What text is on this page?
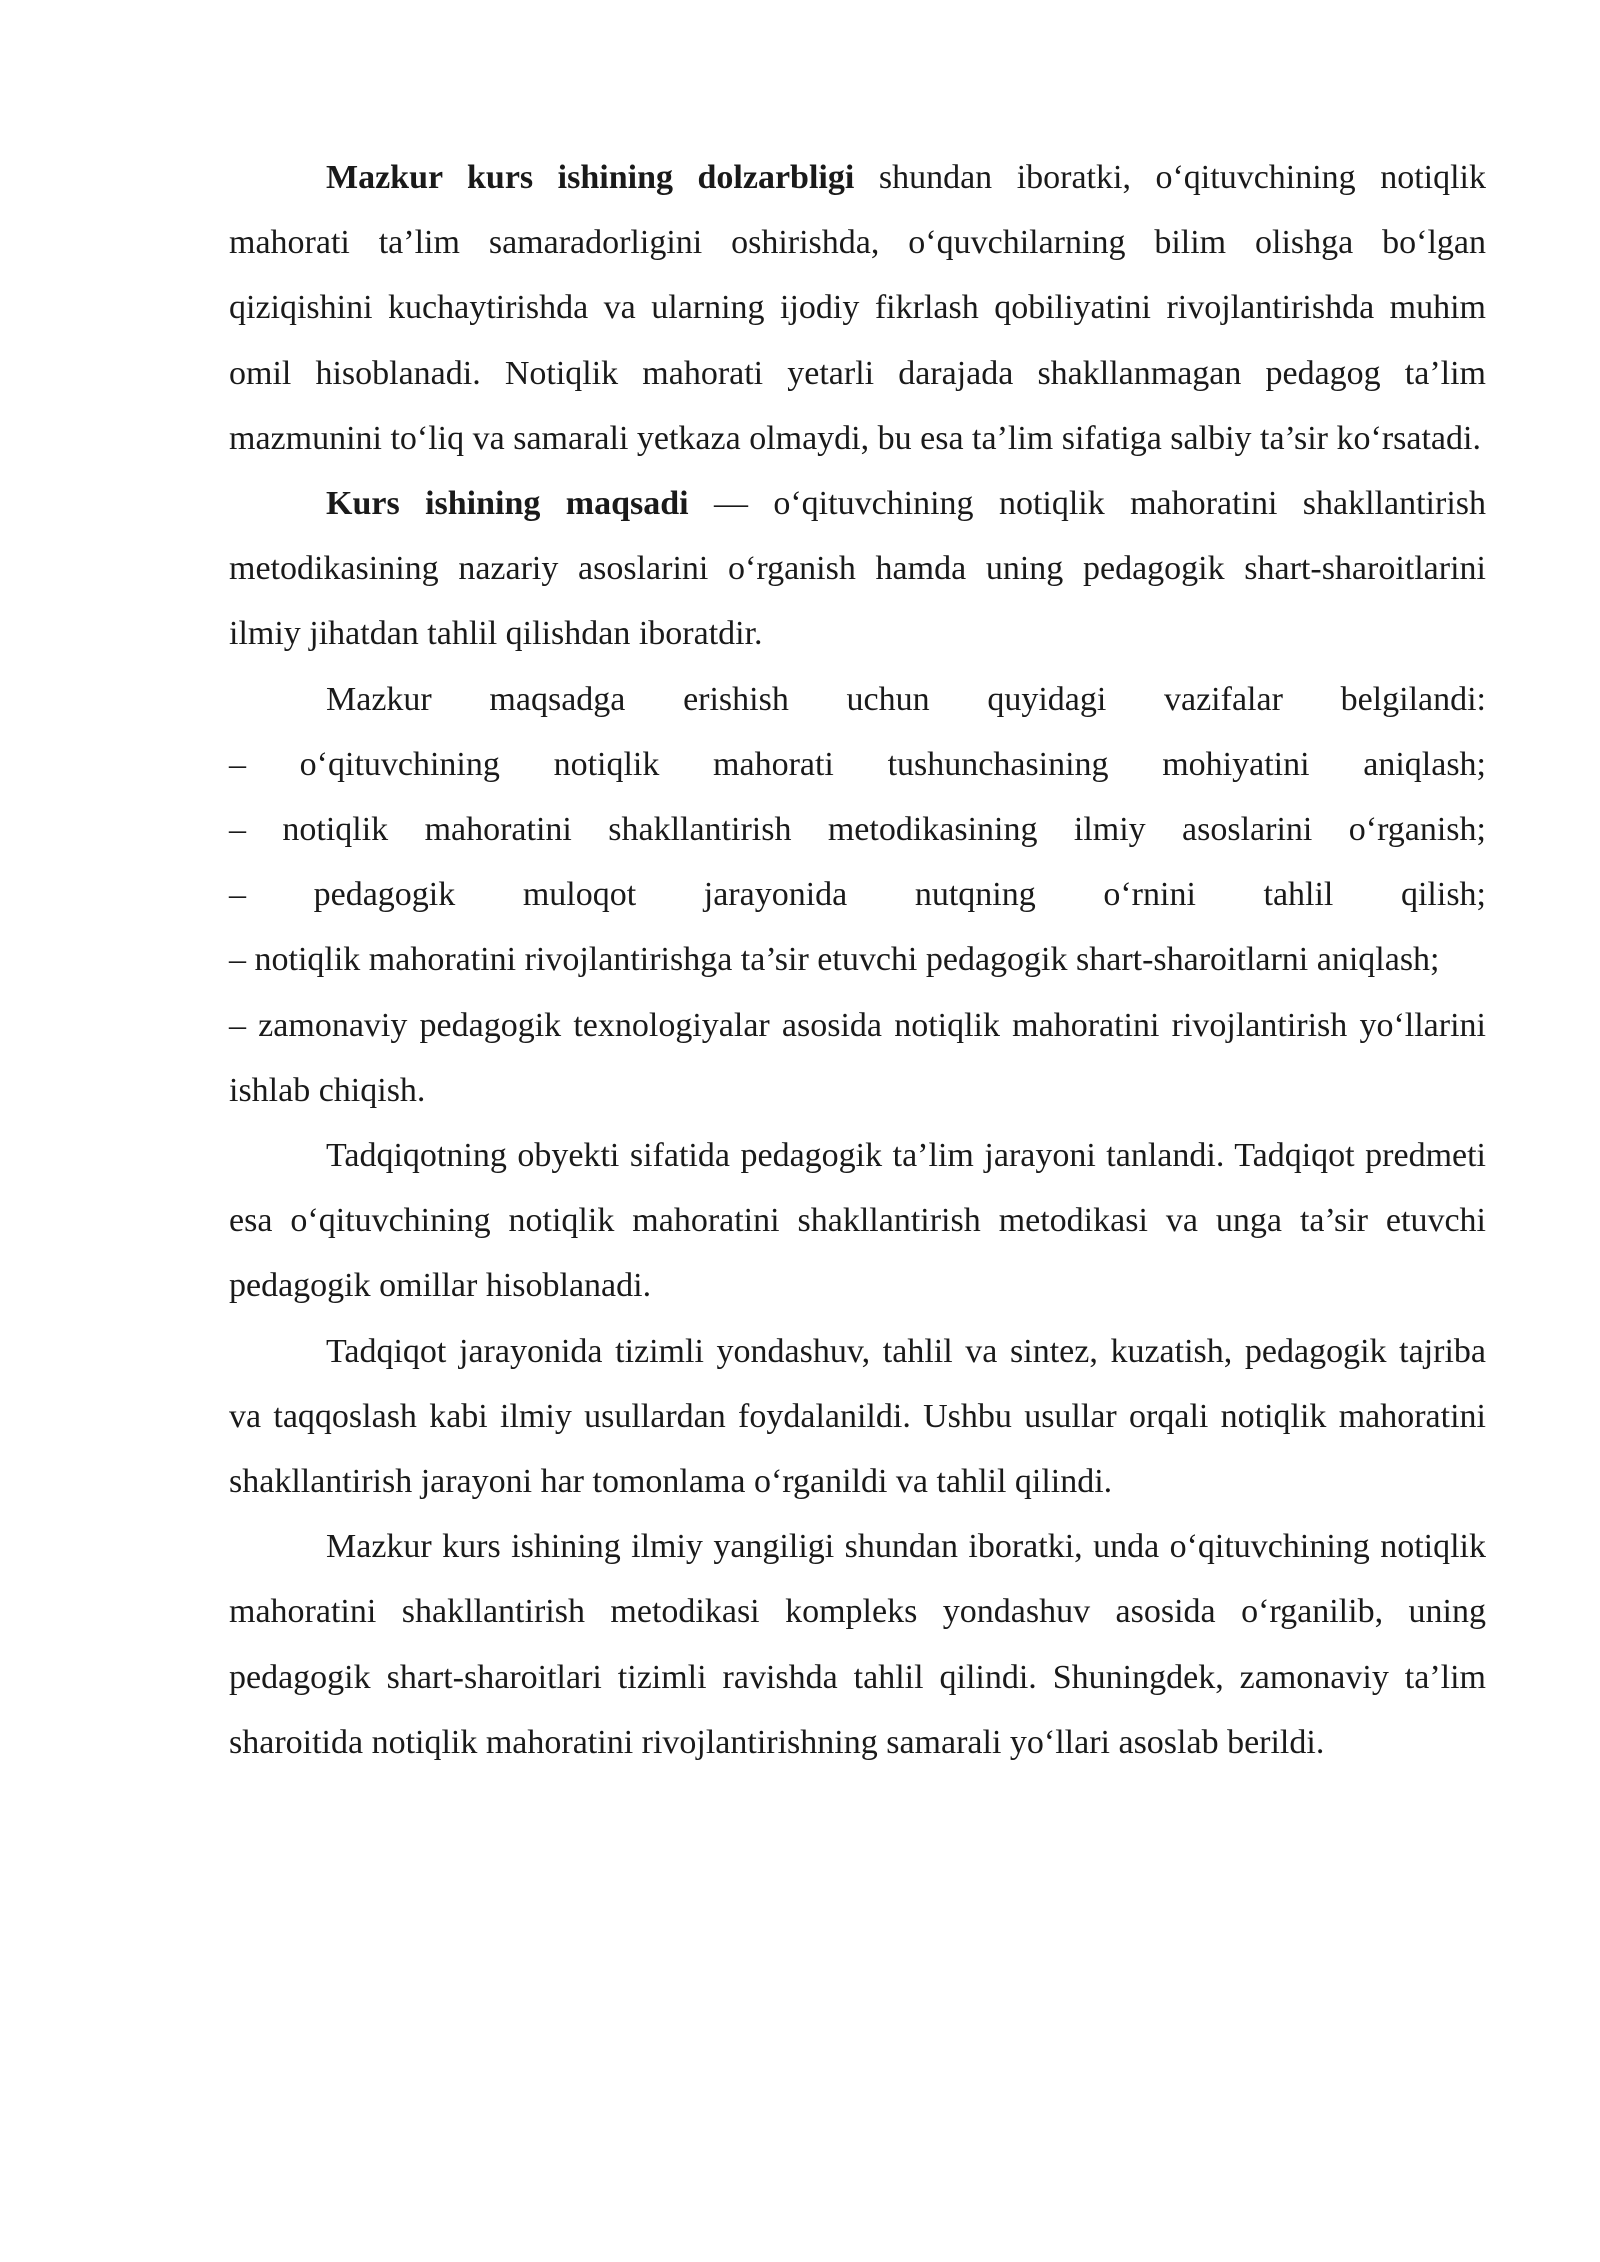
Mazkur kurs ishining dolzarbligi shundan iboratki, o‘qituvchining notiqlik mahorati ta’lim samaradorligini oshirishda, o‘quvchilarning bilim olishga bo‘lgan qiziqishini kuchaytirishda va ularning ijodiy fikrlash qobiliyatini rivojlantirishda muhim omil hisoblanadi. Notiqlik mahorati yetarli darajada shakllanmagan pedagog ta’lim mazmunini to‘liq va samarali yetkaza olmaydi, bu esa ta’lim sifatiga salbiy ta’sir ko‘rsatadi.

Kurs ishining maqsadi — o‘qituvchining notiqlik mahoratini shakllantirish metodikasining nazariy asoslarini o‘rganish hamda uning pedagogik shart-sharoitlarini ilmiy jihatdan tahlil qilishdan iboratdir.

Mazkur maqsadga erishish uchun quyidagi vazifalar belgilandi:

– o‘qituvchining notiqlik mahorati tushunchasining mohiyatini aniqlash;

– notiqlik mahoratini shakllantirish metodikasining ilmiy asoslarini o‘rganish;

– pedagogik muloqot jarayonida nutqning o‘rnini tahlil qilish;

– notiqlik mahoratini rivojlantirishga ta’sir etuvchi pedagogik shart-sharoitlarni aniqlash;

– zamonaviy pedagogik texnologiyalar asosida notiqlik mahoratini rivojlantirish yo‘llarini ishlab chiqish.

Tadqiqotning obyekti sifatida pedagogik ta’lim jarayoni tanlandi. Tadqiqot predmeti esa o‘qituvchining notiqlik mahoratini shakllantirish metodikasi va unga ta’sir etuvchi pedagogik omillar hisoblanadi.

Tadqiqot jarayonida tizimli yondashuv, tahlil va sintez, kuzatish, pedagogik tajriba va taqqoslash kabi ilmiy usullardan foydalanildi. Ushbu usullar orqali notiqlik mahoratini shakllantirish jarayoni har tomonlama o‘rganildi va tahlil qilindi.

Mazkur kurs ishining ilmiy yangiligi shundan iboratki, unda o‘qituvchining notiqlik mahoratini shakllantirish metodikasi kompleks yondashuv asosida o‘rganilib, uning pedagogik shart-sharoitlari tizimli ravishda tahlil qilindi. Shuningdek, zamonaviy ta’lim sharoitida notiqlik mahoratini rivojlantirishning samarali yo‘llari asoslab berildi.
